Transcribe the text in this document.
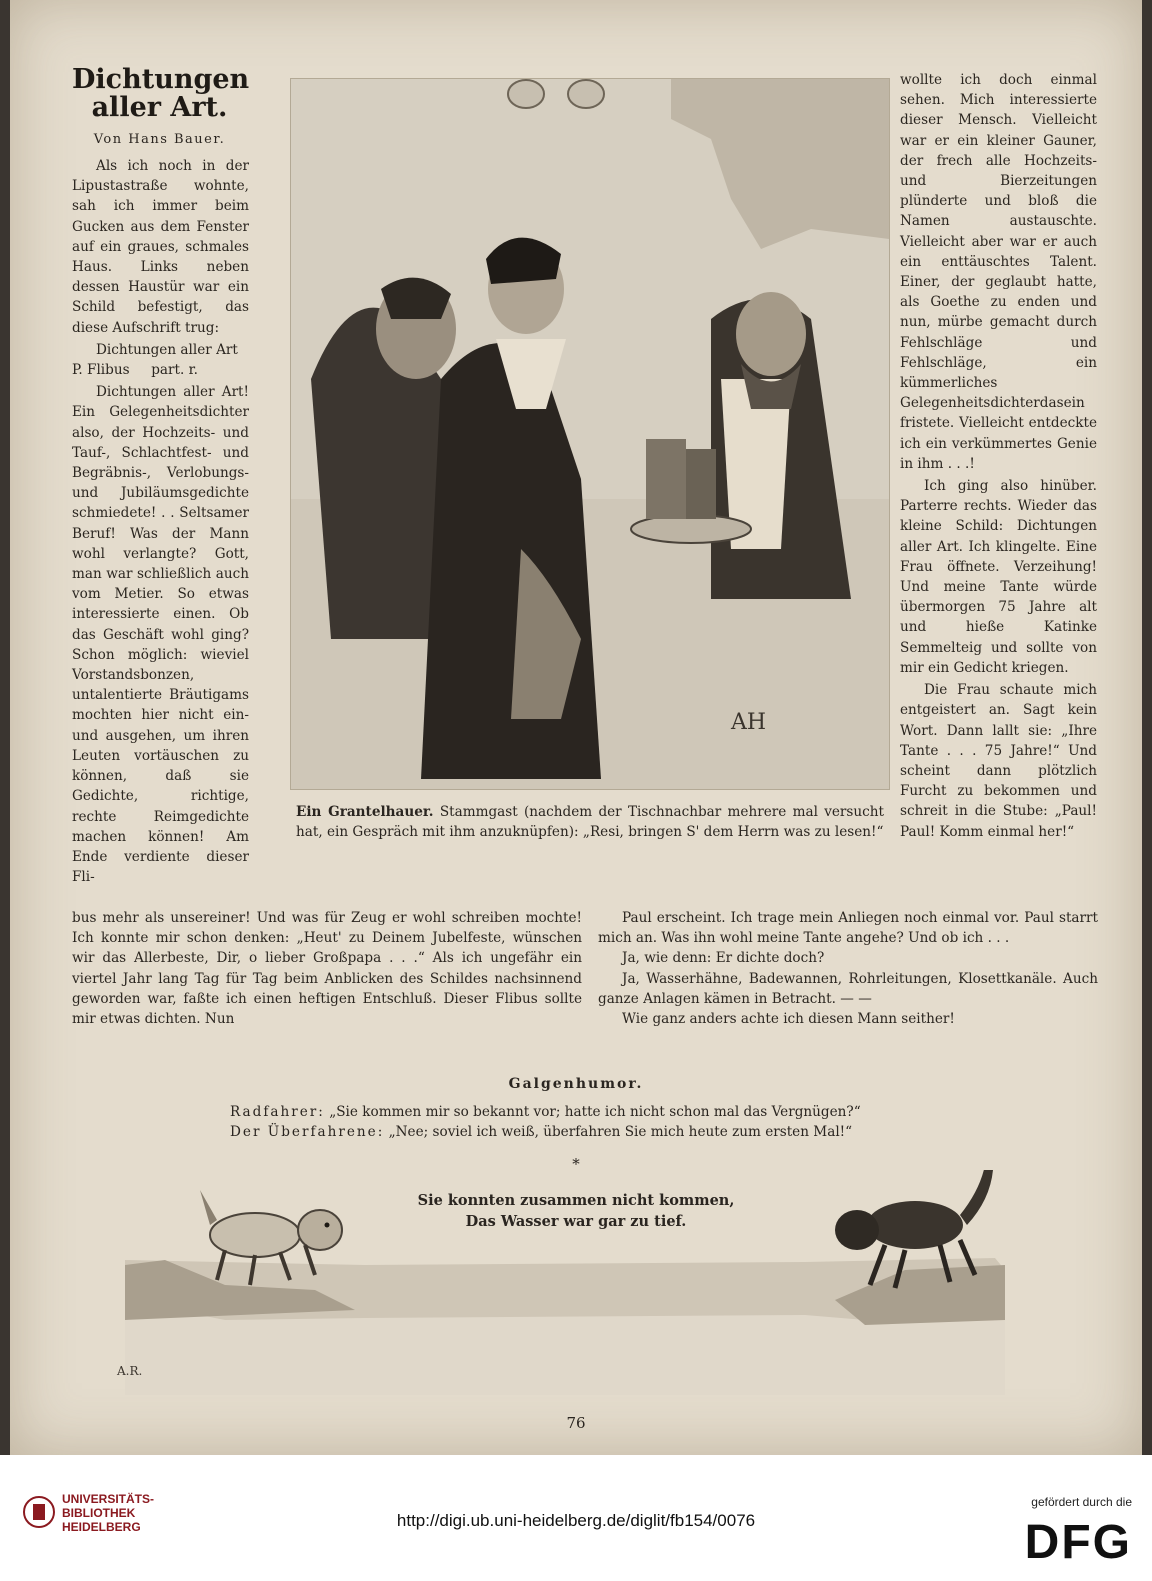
Dichtungen aller Art.
Von Hans Bauer.

Als ich noch in der Lipustastraße wohnte, sah ich immer beim Gucken aus dem Fenster auf ein graues, schmales Haus. Links neben dessen Haustür war ein Schild befestigt, das diese Aufschrift trug:

Dichtungen aller Art

P. Flibus     part. r.

Dichtungen aller Art! Ein Gelegenheitsdichter also, der Hochzeits- und Tauf-, Schlachtfest- und Begräbnis-, Verlobungs- und Jubiläumsgedichte schmiedete! . . Seltsamer Beruf! Was der Mann wohl verlangte? Gott, man war schließlich auch vom Metier. So etwas interessierte einen. Ob das Geschäft wohl ging? Schon möglich: wieviel Vorstandsbonzen, untalentierte Bräutigams mochten hier nicht ein- und ausgehen, um ihren Leuten vortäuschen zu können, daß sie Gedichte, richtige, rechte Reimgedichte machen können! Am Ende verdiente dieser Fli-

AH
Ein Grantelhauer. Stammgast (nachdem der Tischnachbar mehrere mal versucht hat, ein Gespräch mit ihm anzuknüpfen): „Resi, bringen S' dem Herrn was zu lesen!“

wollte ich doch einmal sehen. Mich interessierte dieser Mensch. Vielleicht war er ein kleiner Gauner, der frech alle Hochzeits- und Bierzeitungen plünderte und bloß die Namen austauschte. Vielleicht aber war er auch ein enttäuschtes Talent. Einer, der geglaubt hatte, als Goethe zu enden und nun, mürbe gemacht durch Fehlschläge und Fehlschläge, ein kümmerliches Gelegenheitsdichterdasein fristete. Vielleicht entdeckte ich ein verkümmertes Genie in ihm . . .!

Ich ging also hinüber. Parterre rechts. Wieder das kleine Schild: Dichtungen aller Art. Ich klingelte. Eine Frau öffnete. Verzeihung! Und meine Tante würde übermorgen 75 Jahre alt und hieße Katinke Semmelteig und sollte von mir ein Gedicht kriegen.

Die Frau schaute mich entgeistert an. Sagt kein Wort. Dann lallt sie: „Ihre Tante . . . 75 Jahre!“ Und scheint dann plötzlich Furcht zu bekommen und schreit in die Stube: „Paul! Paul! Komm einmal her!“

bus mehr als unsereiner! Und was für Zeug er wohl schreiben mochte! Ich konnte mir schon denken: „Heut' zu Deinem Jubelfeste, wünschen wir das Allerbeste, Dir, o lieber Großpapa . . .“ Als ich ungefähr ein viertel Jahr lang Tag für Tag beim Anblicken des Schildes nachsinnend geworden war, faßte ich einen heftigen Entschluß. Dieser Flibus sollte mir etwas dichten. Nun

Paul erscheint. Ich trage mein Anliegen noch einmal vor. Paul starrt mich an. Was ihn wohl meine Tante angehe? Und ob ich . . .

Ja, wie denn: Er dichte doch?

Ja, Wasserhähne, Badewannen, Rohrleitungen, Klosettkanäle. Auch ganze Anlagen kämen in Betracht. — —

Wie ganz anders achte ich diesen Mann seither!

Galgenhumor.
Radfahrer: „Sie kommen mir so bekannt vor; hatte ich nicht schon mal das Vergnügen?“
Der Überfahrene: „Nee; soviel ich weiß, überfahren Sie mich heute zum ersten Mal!“
*
Sie konnten zusammen nicht kommen,
Das Wasser war gar zu tief.
A.R.
76
UNIVERSITÄTS-
BIBLIOTHEK
HEIDELBERG	http://digi.ub.uni-heidelberg.de/diglit/fb154/0076
gefördert durch die
DFG
